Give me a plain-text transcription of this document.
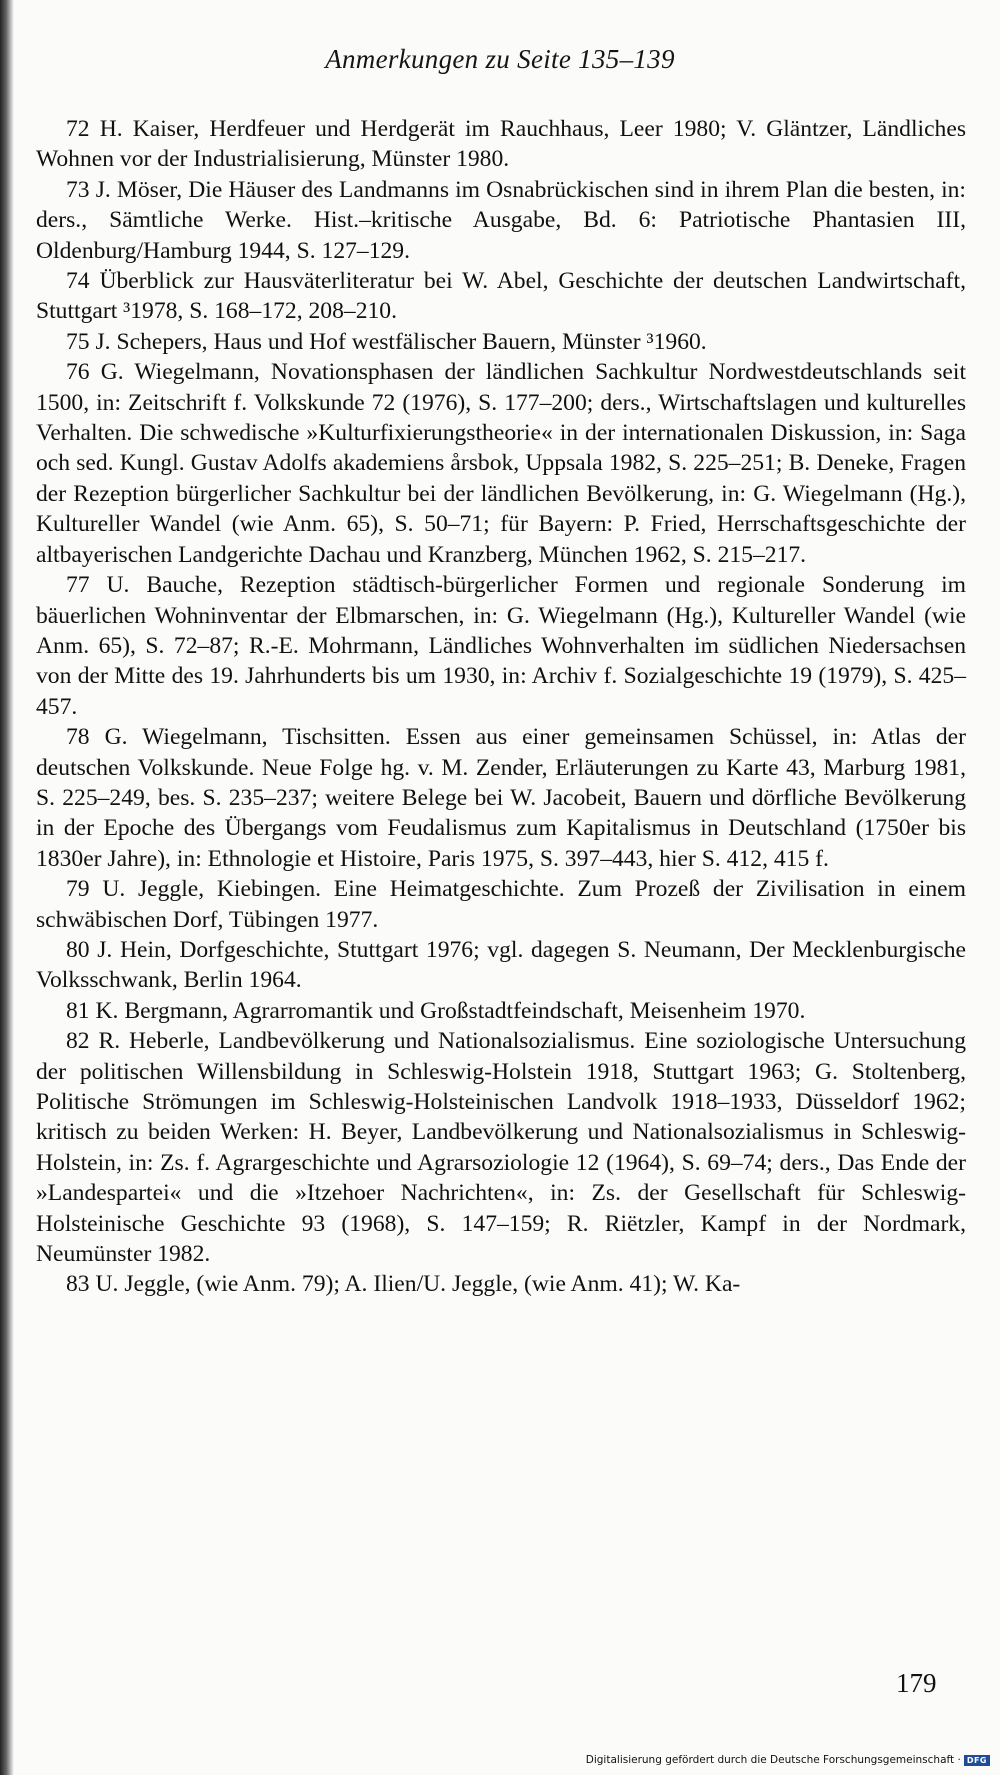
Anmerkungen zu Seite 135–139

72 H. Kaiser, Herdfeuer und Herdgerät im Rauchhaus, Leer 1980; V. Gläntzer, Ländliches Wohnen vor der Industrialisierung, Münster 1980.

73 J. Möser, Die Häuser des Landmanns im Osnabrückischen sind in ihrem Plan die besten, in: ders., Sämtliche Werke. Hist.–kritische Ausgabe, Bd. 6: Patriotische Phantasien III, Oldenburg/Hamburg 1944, S. 127–129.

74 Überblick zur Hausväterliteratur bei W. Abel, Geschichte der deutschen Landwirtschaft, Stuttgart ³1978, S. 168–172, 208–210.

75 J. Schepers, Haus und Hof westfälischer Bauern, Münster ³1960.

76 G. Wiegelmann, Novationsphasen der ländlichen Sachkultur Nordwestdeutschlands seit 1500, in: Zeitschrift f. Volkskunde 72 (1976), S. 177–200; ders., Wirtschaftslagen und kulturelles Verhalten. Die schwedische »Kulturfixierungstheorie« in der internationalen Diskussion, in: Saga och sed. Kungl. Gustav Adolfs akademiens årsbok, Uppsala 1982, S. 225–251; B. Deneke, Fragen der Rezeption bürgerlicher Sachkultur bei der ländlichen Bevölkerung, in: G. Wiegelmann (Hg.), Kultureller Wandel (wie Anm. 65), S. 50–71; für Bayern: P. Fried, Herrschaftsgeschichte der altbayerischen Landgerichte Dachau und Kranzberg, München 1962, S. 215–217.

77 U. Bauche, Rezeption städtisch-bürgerlicher Formen und regionale Sonderung im bäuerlichen Wohninventar der Elbmarschen, in: G. Wiegelmann (Hg.), Kultureller Wandel (wie Anm. 65), S. 72–87; R.-E. Mohrmann, Ländliches Wohnverhalten im südlichen Niedersachsen von der Mitte des 19. Jahrhunderts bis um 1930, in: Archiv f. Sozialgeschichte 19 (1979), S. 425–457.

78 G. Wiegelmann, Tischsitten. Essen aus einer gemeinsamen Schüssel, in: Atlas der deutschen Volkskunde. Neue Folge hg. v. M. Zender, Erläuterungen zu Karte 43, Marburg 1981, S. 225–249, bes. S. 235–237; weitere Belege bei W. Jacobeit, Bauern und dörfliche Bevölkerung in der Epoche des Übergangs vom Feudalismus zum Kapitalismus in Deutschland (1750er bis 1830er Jahre), in: Ethnologie et Histoire, Paris 1975, S. 397–443, hier S. 412, 415 f.

79 U. Jeggle, Kiebingen. Eine Heimatgeschichte. Zum Prozeß der Zivilisation in einem schwäbischen Dorf, Tübingen 1977.

80 J. Hein, Dorfgeschichte, Stuttgart 1976; vgl. dagegen S. Neumann, Der Mecklenburgische Volksschwank, Berlin 1964.

81 K. Bergmann, Agrarromantik und Großstadtfeindschaft, Meisenheim 1970.

82 R. Heberle, Landbevölkerung und Nationalsozialismus. Eine soziologische Untersuchung der politischen Willensbildung in Schleswig-Holstein 1918, Stuttgart 1963; G. Stoltenberg, Politische Strömungen im Schleswig-Holsteinischen Landvolk 1918–1933, Düsseldorf 1962; kritisch zu beiden Werken: H. Beyer, Landbevölkerung und Nationalsozialismus in Schleswig-Holstein, in: Zs. f. Agrargeschichte und Agrarsoziologie 12 (1964), S. 69–74; ders., Das Ende der »Landespartei« und die »Itzehoer Nachrichten«, in: Zs. der Gesellschaft für Schleswig-Holsteinische Geschichte 93 (1968), S. 147–159; R. Riëtzler, Kampf in der Nordmark, Neumünster 1982.

83 U. Jeggle, (wie Anm. 79); A. Ilien/U. Jeggle, (wie Anm. 41); W. Ka-

179
Digitalisierung gefördert durch die Deutsche Forschungsgemeinschaft · DFG
